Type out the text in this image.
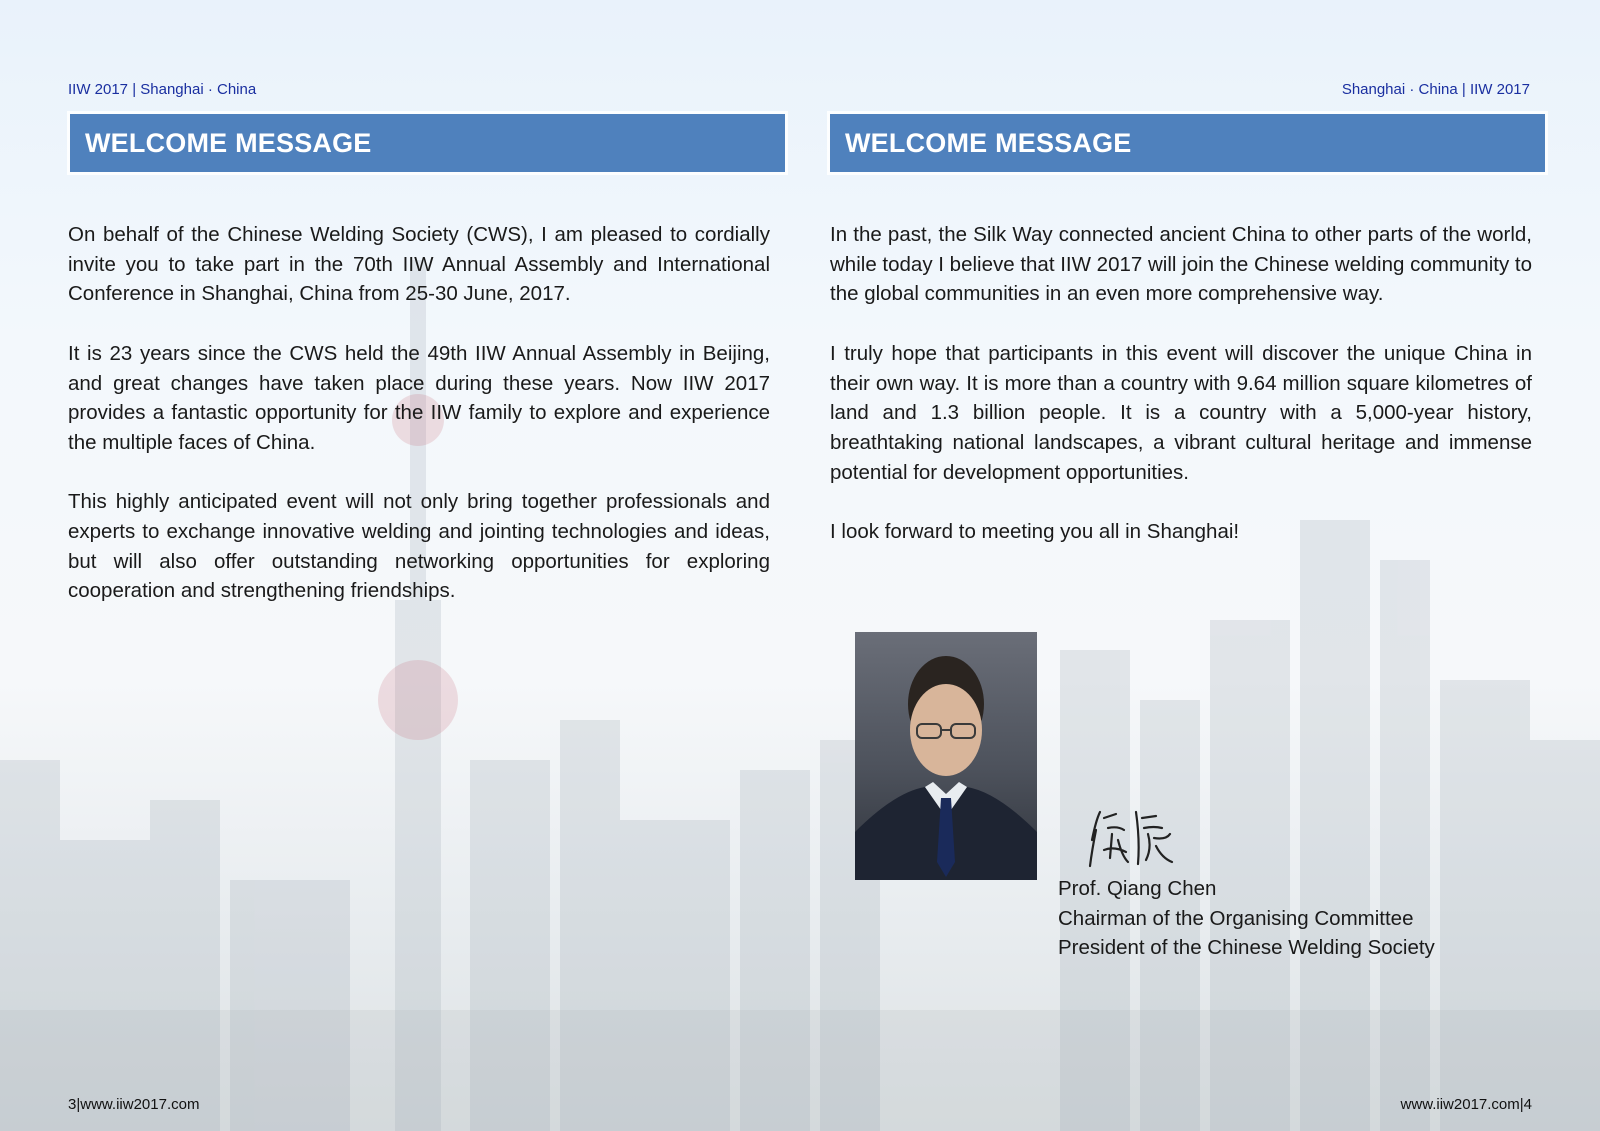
IIW 2017 | Shanghai · China
WELCOME MESSAGE

On behalf of the Chinese Welding Society (CWS), I am pleased to cordially invite you to take part in the 70th IIW Annual Assembly and International Conference in Shanghai, China from 25-30 June, 2017.

It is 23 years since the CWS held the 49th IIW Annual Assembly in Beijing, and great changes have taken place during these years. Now IIW 2017 provides a fantastic opportunity for the IIW family to explore and experience the multiple faces of China.

This highly anticipated event will not only bring together professionals and experts to exchange innovative welding and jointing technologies and ideas, but will also offer outstanding networking opportunities for exploring cooperation and strengthening friendships.

3|www.iiw2017.com
Shanghai · China | IIW 2017
WELCOME MESSAGE

In the past, the Silk Way connected ancient China to other parts of the world, while today I believe that IIW 2017 will join the Chinese welding community to the global communities in an even more comprehensive way.

I truly hope that participants in this event will discover the unique China in their own way. It is more than a country with 9.64 million square kilometres of land and 1.3 billion people. It is a country with a 5,000-year history, breathtaking national landscapes, a vibrant cultural heritage and immense potential for development opportunities.

I look forward to meeting you all in Shanghai!

Prof. Qiang Chen
Chairman of the Organising Committee
President of the Chinese Welding Society
www.iiw2017.com|4
